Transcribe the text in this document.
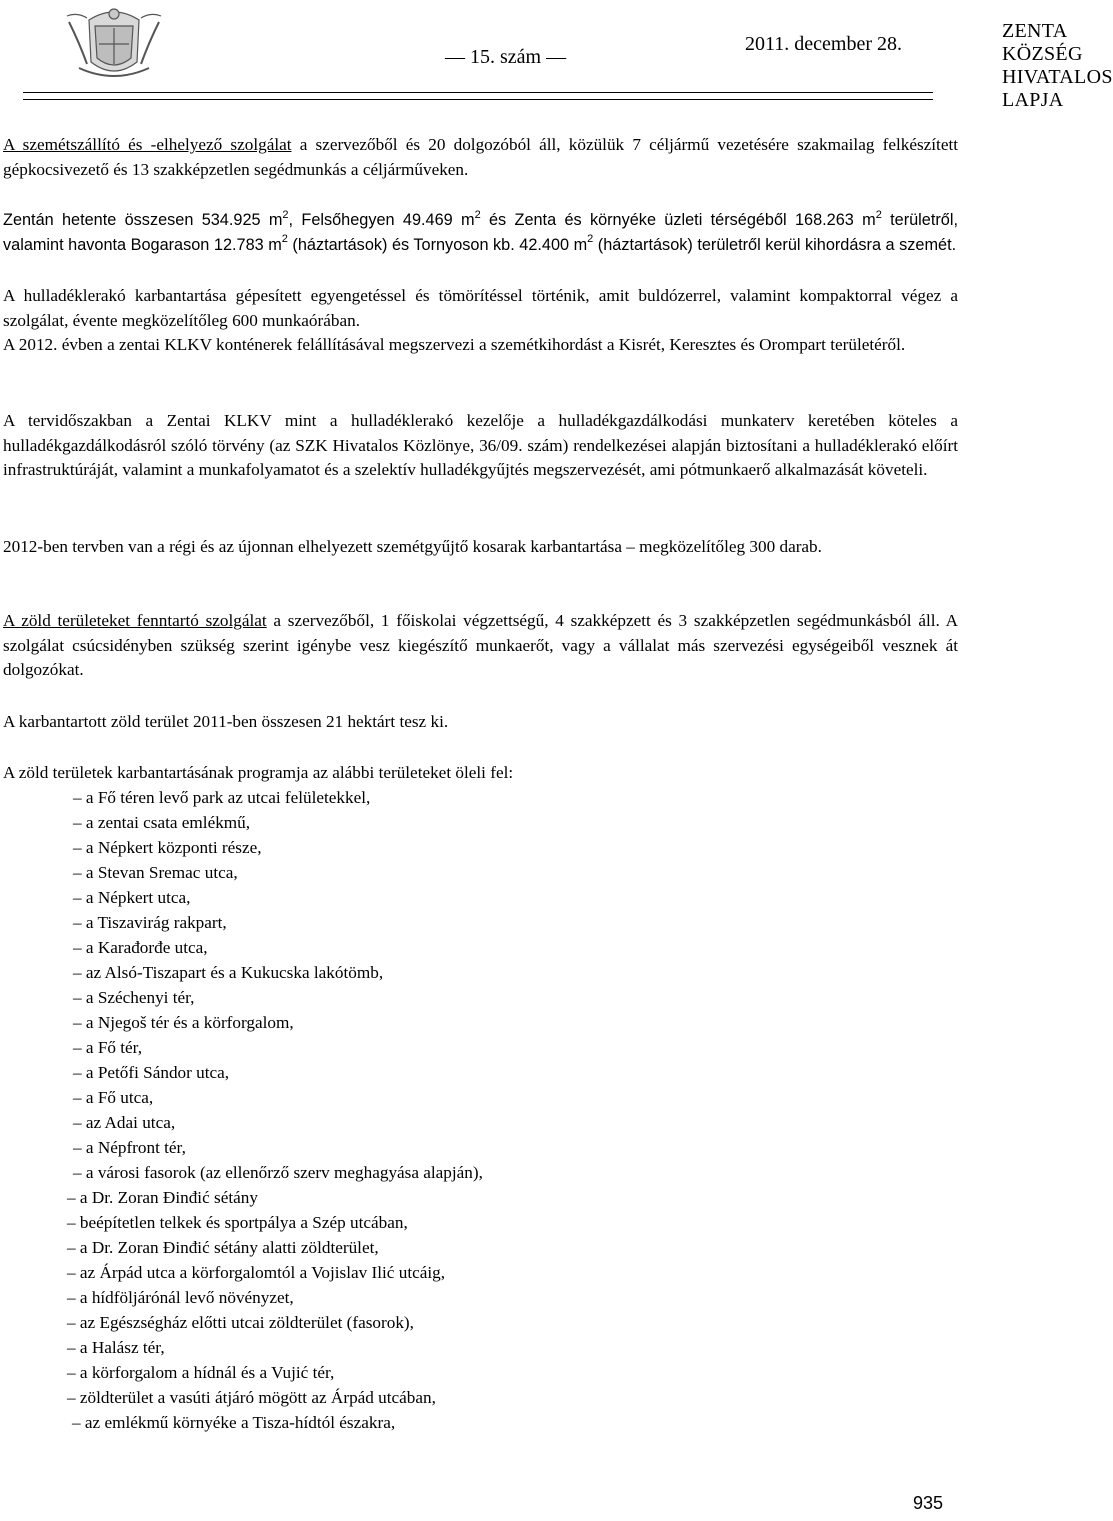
ZENTA KÖZSÉG HIVATALOS LAPJA
— 15. szám —
2011. december 28.

A szemétszállító és -elhelyező szolgálat a szervezőből és 20 dolgozóból áll, közülük 7 céljármű vezetésére szakmailag felkészített gépkocsivezető és 13 szakképzetlen segédmunkás a céljárműveken.

Zentán hetente összesen 534.925 $m^2$, Felsőhegyen 49.469 $m^2$ és Zenta és környéke üzleti térségéből 168.263 $m^2$ területről, valamint havonta Bogarason 12.783 $m^2$ (háztartások) és Tornyoson kb. 42.400 $m^2$ (háztartások) területről kerül kihordásra a szemét.

A hulladéklerakó karbantartása gépesített egyengetéssel és tömörítéssel történik, amit buldózerrel, valamint kompaktorral végez a szolgálat, évente megközelítőleg 600 munkaórában.

A 2012. évben a zentai KLKV konténerek felállításával megszervezi a szemétkihordást a Kisrét, Keresztes és Orompart területéről.

A tervidőszakban a Zentai KLKV mint a hulladéklerakó kezelője a hulladékgazdálkodási munkaterv keretében köteles a hulladékgazdálkodásról szóló törvény (az SZK Hivatalos Közlönye, 36/09. szám) rendelkezései alapján biztosítani a hulladéklerakó előírt infrastruktúráját, valamint a munkafolyamatot és a szelektív hulladékgyűjtés megszervezését, ami pótmunkaerő alkalmazását követeli.

2012-ben tervben van a régi és az újonnan elhelyezett szemétgyűjtő kosarak karbantartása – megközelítőleg 300 darab.

A zöld területeket fenntartó szolgálat a szervezőből, 1 főiskolai végzettségű, 4 szakképzett és 3 szakképzetlen segédmunkásból áll. A szolgálat csúcsidényben szükség szerint igénybe vesz kiegészítő munkaerőt, vagy a vállalat más szervezési egységeiből vesznek át dolgozókat.

A karbantartott zöld terület 2011-ben összesen 21 hektárt tesz ki.

A zöld területek karbantartásának programja az alábbi területeket öleli fel:

– a Fő téren levő park az utcai felületekkel,
– a zentai csata emlékmű,
– a Népkert központi része,
– a Stevan Sremac utca,
– a Népkert utca,
– a Tiszavirág rakpart,
– a Karađorđe utca,
– az Alsó-Tiszapart és a Kukucska lakótömb,
– a Széchenyi tér,
– a Njegoš tér és a körforgalom,
– a Fő tér,
– a Petőfi Sándor utca,
– a Fő utca,
– az Adai utca,
– a Népfront tér,
– a városi fasorok (az ellenőrző szerv meghagyása alapján),
– a Dr. Zoran Đinđić sétány
– beépítetlen telkek és sportpálya a Szép utcában,
– a Dr. Zoran Đinđić sétány alatti zöldterület,
– az Árpád utca a körforgalomtól a Vojislav Ilić utcáig,
– a hídföljárónál levő növényzet,
– az Egészségház előtti utcai zöldterület (fasorok),
– a Halász tér,
– a körforgalom a hídnál és a Vujić tér,
– zöldterület a vasúti átjáró mögött az Árpád utcában,
– az emlékmű környéke a Tisza-hídtól északra,
935
